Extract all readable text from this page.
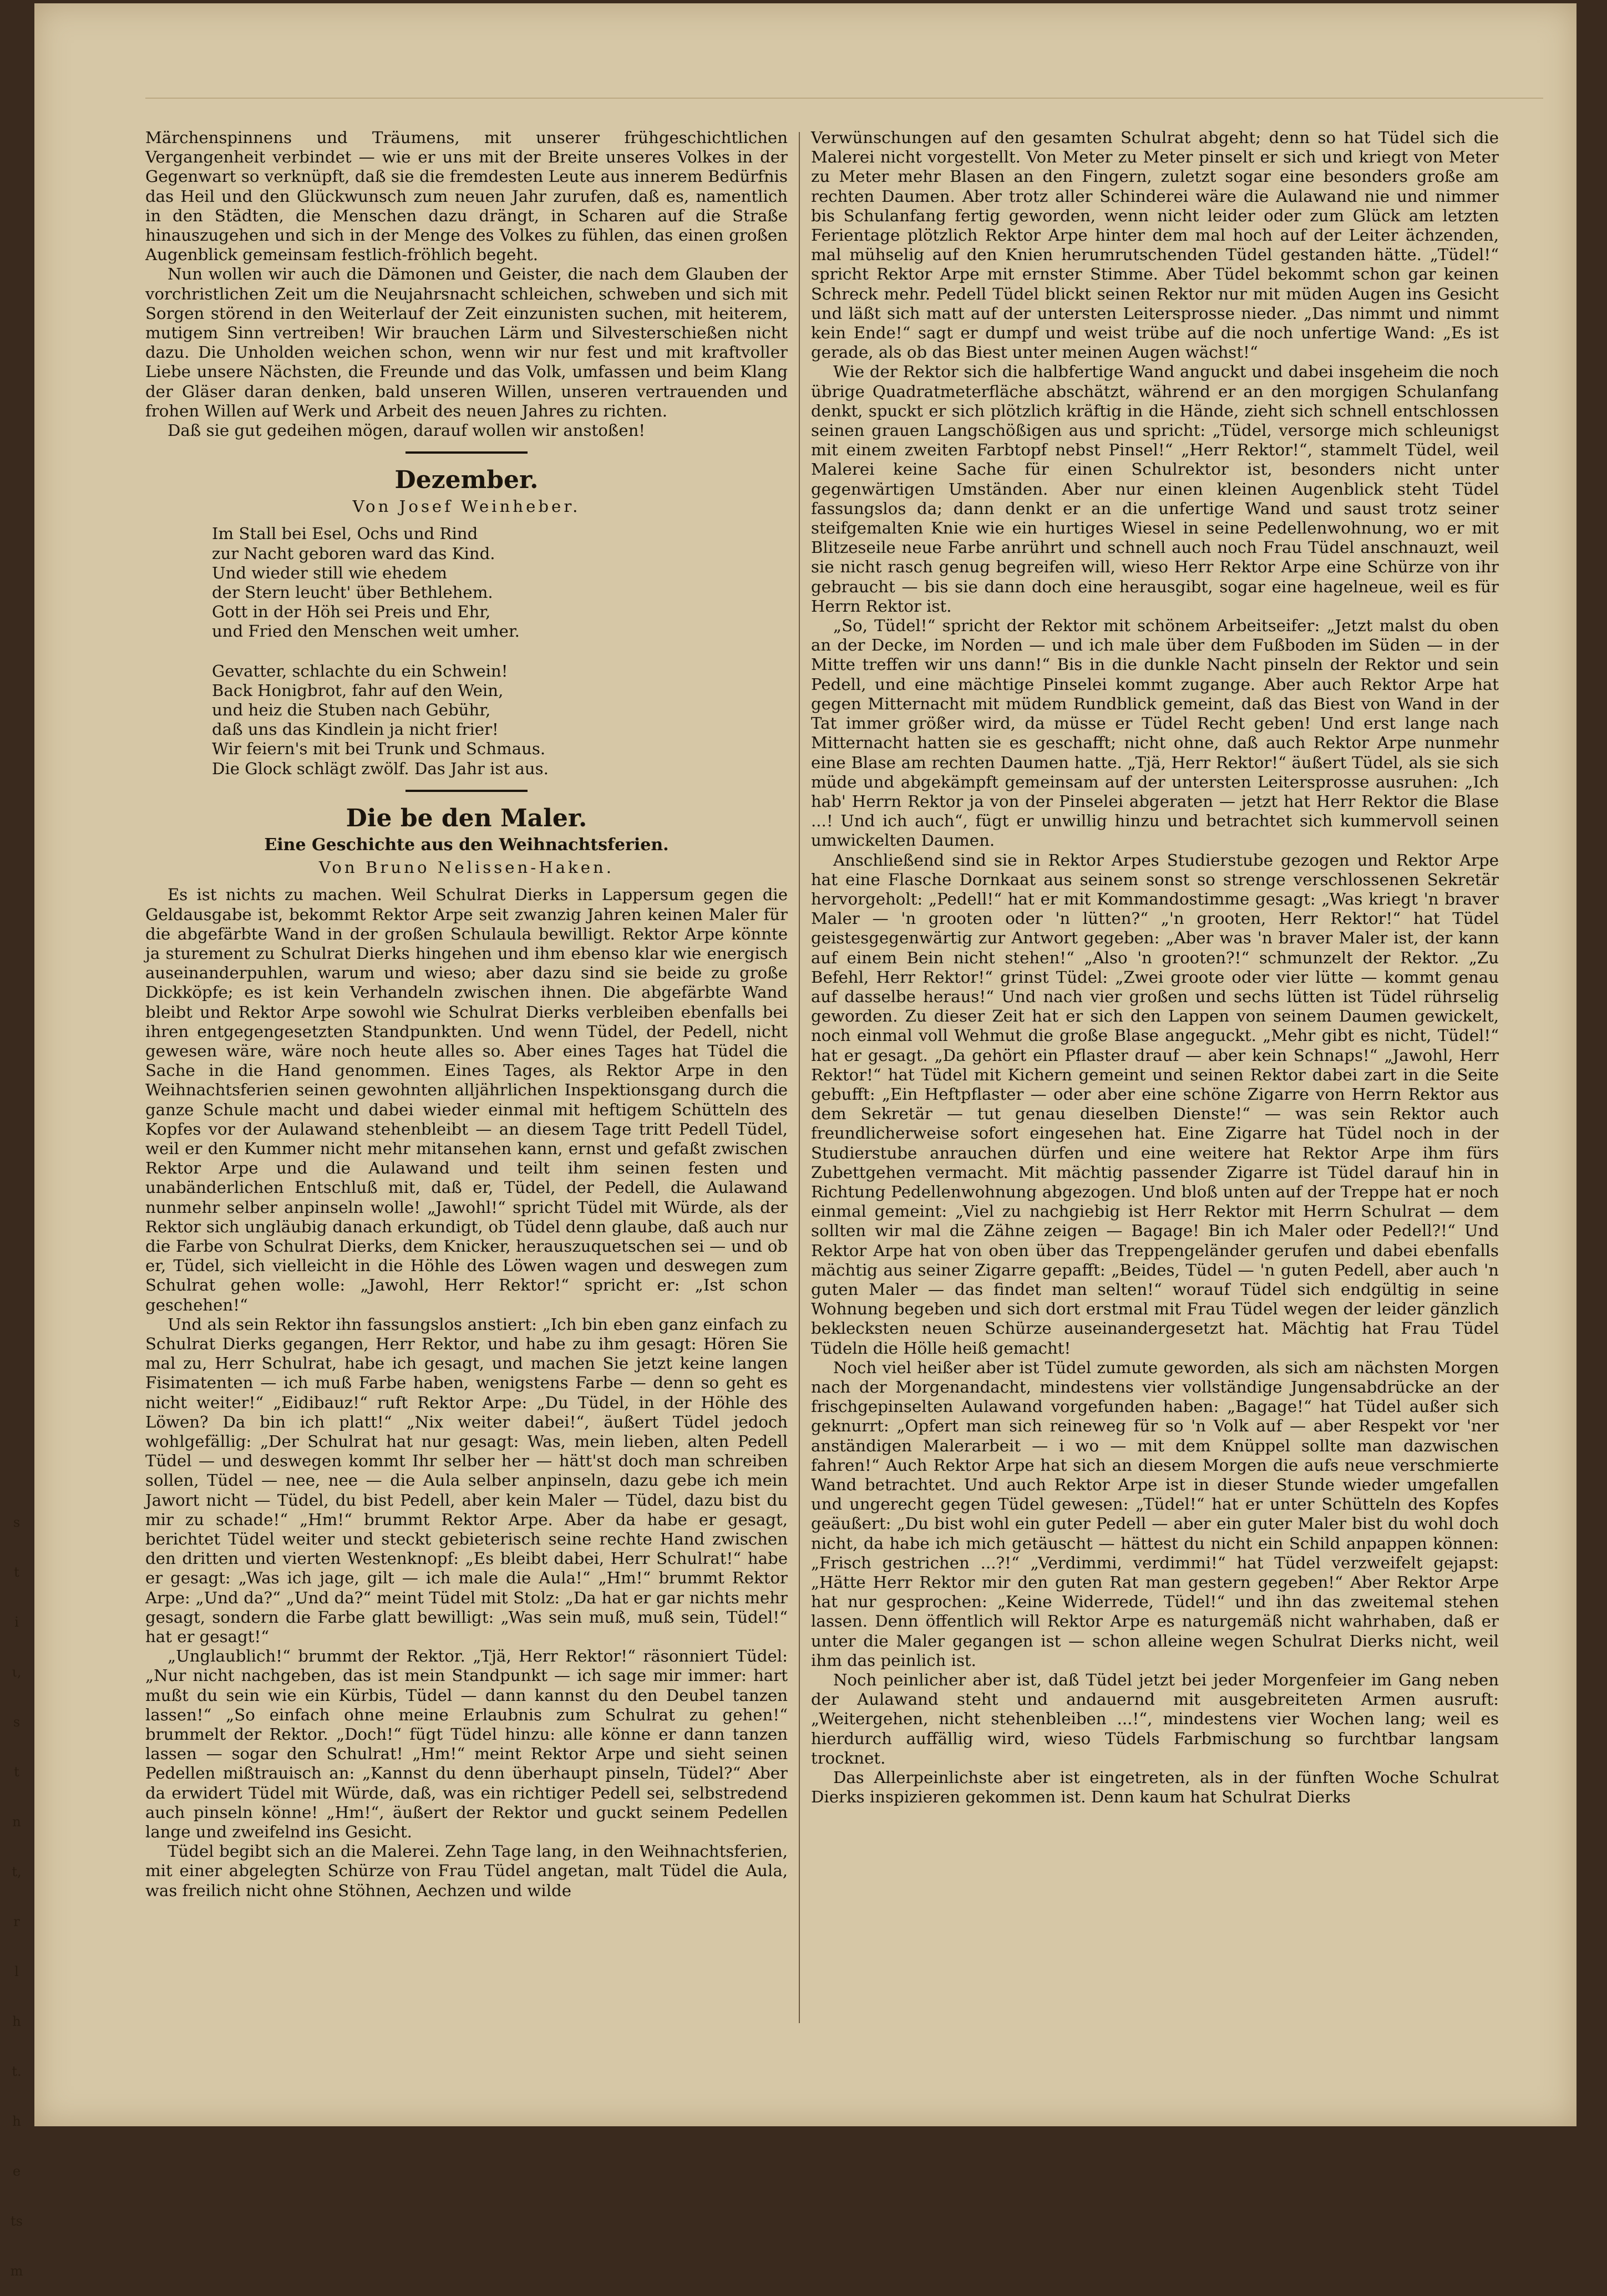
Märchenspinnens und Träumens, mit unserer frühgeschichtlichen Vergangenheit verbindet — wie er uns mit der Breite unseres Volkes in der Gegenwart so verknüpft, daß sie die fremdesten Leute aus innerem Bedürfnis das Heil und den Glückwunsch zum neuen Jahr zurufen, daß es, namentlich in den Städten, die Menschen dazu drängt, in Scharen auf die Straße hinauszugehen und sich in der Menge des Volkes zu fühlen, das einen großen Augenblick gemeinsam festlich-fröhlich begeht.

Nun wollen wir auch die Dämonen und Geister, die nach dem Glauben der vorchristlichen Zeit um die Neujahrsnacht schleichen, schweben und sich mit Sorgen störend in den Weiterlauf der Zeit einzunisten suchen, mit heiterem, mutigem Sinn vertreiben! Wir brauchen Lärm und Silvesterschießen nicht dazu. Die Unholden weichen schon, wenn wir nur fest und mit kraftvoller Liebe unsere Nächsten, die Freunde und das Volk, umfassen und beim Klang der Gläser daran denken, bald unseren Willen, unseren vertrauenden und frohen Willen auf Werk und Arbeit des neuen Jahres zu richten.

Daß sie gut gedeihen mögen, darauf wollen wir anstoßen!

Dezember.
Von Josef Weinheber.
Im Stall bei Esel, Ochs und Rind
zur Nacht geboren ward das Kind.
Und wieder still wie ehedem
der Stern leucht' über Bethlehem.
Gott in der Höh sei Preis und Ehr,
und Fried den Menschen weit umher.
Gevatter, schlachte du ein Schwein!
Back Honigbrot, fahr auf den Wein,
und heiz die Stuben nach Gebühr,
daß uns das Kindlein ja nicht frier!
Wir feiern's mit bei Trunk und Schmaus.
Die Glock schlägt zwölf. Das Jahr ist aus.
Die be den Maler.
Eine Geschichte aus den Weihnachtsferien.
Von Bruno Nelissen-Haken.

Es ist nichts zu machen. Weil Schulrat Dierks in Lappersum gegen die Geldausgabe ist, bekommt Rektor Arpe seit zwanzig Jahren keinen Maler für die abgefärbte Wand in der großen Schulaula bewilligt. Rektor Arpe könnte ja sturement zu Schulrat Dierks hingehen und ihm ebenso klar wie energisch auseinanderpuhlen, warum und wieso; aber dazu sind sie beide zu große Dickköpfe; es ist kein Verhandeln zwischen ihnen. Die abgefärbte Wand bleibt und Rektor Arpe sowohl wie Schulrat Dierks verbleiben ebenfalls bei ihren entgegengesetzten Standpunkten. Und wenn Tüdel, der Pedell, nicht gewesen wäre, wäre noch heute alles so. Aber eines Tages hat Tüdel die Sache in die Hand genommen. Eines Tages, als Rektor Arpe in den Weihnachtsferien seinen gewohnten alljährlichen Inspektionsgang durch die ganze Schule macht und dabei wieder einmal mit heftigem Schütteln des Kopfes vor der Aulawand stehenbleibt — an diesem Tage tritt Pedell Tüdel, weil er den Kummer nicht mehr mitansehen kann, ernst und gefaßt zwischen Rektor Arpe und die Aulawand und teilt ihm seinen festen und unabänderlichen Entschluß mit, daß er, Tüdel, der Pedell, die Aulawand nunmehr selber anpinseln wolle! „Jawohl!“ spricht Tüdel mit Würde, als der Rektor sich ungläubig danach erkundigt, ob Tüdel denn glaube, daß auch nur die Farbe von Schulrat Dierks, dem Knicker, herauszuquetschen sei — und ob er, Tüdel, sich vielleicht in die Höhle des Löwen wagen und deswegen zum Schulrat gehen wolle: „Jawohl, Herr Rektor!“ spricht er: „Ist schon geschehen!“

Und als sein Rektor ihn fassungslos anstiert: „Ich bin eben ganz einfach zu Schulrat Dierks gegangen, Herr Rektor, und habe zu ihm gesagt: Hören Sie mal zu, Herr Schulrat, habe ich gesagt, und machen Sie jetzt keine langen Fisimatenten — ich muß Farbe haben, wenigstens Farbe — denn so geht es nicht weiter!“ „Eidibauz!“ ruft Rektor Arpe: „Du Tüdel, in der Höhle des Löwen? Da bin ich platt!“ „Nix weiter dabei!“, äußert Tüdel jedoch wohlgefällig: „Der Schulrat hat nur gesagt: Was, mein lieben, alten Pedell Tüdel — und deswegen kommt Ihr selber her — hätt'st doch man schreiben sollen, Tüdel — nee, nee — die Aula selber anpinseln, dazu gebe ich mein Jawort nicht — Tüdel, du bist Pedell, aber kein Maler — Tüdel, dazu bist du mir zu schade!“ „Hm!“ brummt Rektor Arpe. Aber da habe er gesagt, berichtet Tüdel weiter und steckt gebieterisch seine rechte Hand zwischen den dritten und vierten Westenknopf: „Es bleibt dabei, Herr Schulrat!“ habe er gesagt: „Was ich jage, gilt — ich male die Aula!“ „Hm!“ brummt Rektor Arpe: „Und da?“ „Und da?“ meint Tüdel mit Stolz: „Da hat er gar nichts mehr gesagt, sondern die Farbe glatt bewilligt: „Was sein muß, muß sein, Tüdel!“ hat er gesagt!“

„Unglaublich!“ brummt der Rektor. „Tjä, Herr Rektor!“ räsonniert Tüdel: „Nur nicht nachgeben, das ist mein Standpunkt — ich sage mir immer: hart mußt du sein wie ein Kürbis, Tüdel — dann kannst du den Deubel tanzen lassen!“ „So einfach ohne meine Erlaubnis zum Schulrat zu gehen!“ brummelt der Rektor. „Doch!“ fügt Tüdel hinzu: alle könne er dann tanzen lassen — sogar den Schulrat! „Hm!“ meint Rektor Arpe und sieht seinen Pedellen mißtrauisch an: „Kannst du denn überhaupt pinseln, Tüdel?“ Aber da erwidert Tüdel mit Würde, daß, was ein richtiger Pedell sei, selbstredend auch pinseln könne! „Hm!“, äußert der Rektor und guckt seinem Pedellen lange und zweifelnd ins Gesicht.

Tüdel begibt sich an die Malerei. Zehn Tage lang, in den Weihnachtsferien, mit einer abgelegten Schürze von Frau Tüdel angetan, malt Tüdel die Aula, was freilich nicht ohne Stöhnen, Aechzen und wilde

Verwünschungen auf den gesamten Schulrat abgeht; denn so hat Tüdel sich die Malerei nicht vorgestellt. Von Meter zu Meter pinselt er sich und kriegt von Meter zu Meter mehr Blasen an den Fingern, zuletzt sogar eine besonders große am rechten Daumen. Aber trotz aller Schinderei wäre die Aulawand nie und nimmer bis Schulanfang fertig geworden, wenn nicht leider oder zum Glück am letzten Ferientage plötzlich Rektor Arpe hinter dem mal hoch auf der Leiter ächzenden, mal mühselig auf den Knien herumrutschenden Tüdel gestanden hätte. „Tüdel!“ spricht Rektor Arpe mit ernster Stimme. Aber Tüdel bekommt schon gar keinen Schreck mehr. Pedell Tüdel blickt seinen Rektor nur mit müden Augen ins Gesicht und läßt sich matt auf der untersten Leitersprosse nieder. „Das nimmt und nimmt kein Ende!“ sagt er dumpf und weist trübe auf die noch unfertige Wand: „Es ist gerade, als ob das Biest unter meinen Augen wächst!“

Wie der Rektor sich die halbfertige Wand anguckt und dabei insgeheim die noch übrige Quadratmeterfläche abschätzt, während er an den morgigen Schulanfang denkt, spuckt er sich plötzlich kräftig in die Hände, zieht sich schnell entschlossen seinen grauen Langschößigen aus und spricht: „Tüdel, versorge mich schleunigst mit einem zweiten Farbtopf nebst Pinsel!“ „Herr Rektor!“, stammelt Tüdel, weil Malerei keine Sache für einen Schulrektor ist, besonders nicht unter gegenwärtigen Umständen. Aber nur einen kleinen Augenblick steht Tüdel fassungslos da; dann denkt er an die unfertige Wand und saust trotz seiner steifgemalten Knie wie ein hurtiges Wiesel in seine Pedellenwohnung, wo er mit Blitzeseile neue Farbe anrührt und schnell auch noch Frau Tüdel anschnauzt, weil sie nicht rasch genug begreifen will, wieso Herr Rektor Arpe eine Schürze von ihr gebraucht — bis sie dann doch eine herausgibt, sogar eine hagelneue, weil es für Herrn Rektor ist.

„So, Tüdel!“ spricht der Rektor mit schönem Arbeitseifer: „Jetzt malst du oben an der Decke, im Norden — und ich male über dem Fußboden im Süden — in der Mitte treffen wir uns dann!“ Bis in die dunkle Nacht pinseln der Rektor und sein Pedell, und eine mächtige Pinselei kommt zugange. Aber auch Rektor Arpe hat gegen Mitternacht mit müdem Rundblick gemeint, daß das Biest von Wand in der Tat immer größer wird, da müsse er Tüdel Recht geben! Und erst lange nach Mitternacht hatten sie es geschafft; nicht ohne, daß auch Rektor Arpe nunmehr eine Blase am rechten Daumen hatte. „Tjä, Herr Rektor!“ äußert Tüdel, als sie sich müde und abgekämpft gemeinsam auf der untersten Leitersprosse ausruhen: „Ich hab' Herrn Rektor ja von der Pinselei abgeraten — jetzt hat Herr Rektor die Blase ...! Und ich auch“, fügt er unwillig hinzu und betrachtet sich kummervoll seinen umwickelten Daumen.

Anschließend sind sie in Rektor Arpes Studierstube gezogen und Rektor Arpe hat eine Flasche Dornkaat aus seinem sonst so strenge verschlossenen Sekretär hervorgeholt: „Pedell!“ hat er mit Kommandostimme gesagt: „Was kriegt 'n braver Maler — 'n grooten oder 'n lütten?“ „'n grooten, Herr Rektor!“ hat Tüdel geistesgegenwärtig zur Antwort gegeben: „Aber was 'n braver Maler ist, der kann auf einem Bein nicht stehen!“ „Also 'n grooten?!“ schmunzelt der Rektor. „Zu Befehl, Herr Rektor!“ grinst Tüdel: „Zwei groote oder vier lütte — kommt genau auf dasselbe heraus!“ Und nach vier großen und sechs lütten ist Tüdel rührselig geworden. Zu dieser Zeit hat er sich den Lappen von seinem Daumen gewickelt, noch einmal voll Wehmut die große Blase angeguckt. „Mehr gibt es nicht, Tüdel!“ hat er gesagt. „Da gehört ein Pflaster drauf — aber kein Schnaps!“ „Jawohl, Herr Rektor!“ hat Tüdel mit Kichern gemeint und seinen Rektor dabei zart in die Seite gebufft: „Ein Heftpflaster — oder aber eine schöne Zigarre von Herrn Rektor aus dem Sekretär — tut genau dieselben Dienste!“ — was sein Rektor auch freundlicherweise sofort eingesehen hat. Eine Zigarre hat Tüdel noch in der Studierstube anrauchen dürfen und eine weitere hat Rektor Arpe ihm fürs Zubettgehen vermacht. Mit mächtig passender Zigarre ist Tüdel darauf hin in Richtung Pedellenwohnung abgezogen. Und bloß unten auf der Treppe hat er noch einmal gemeint: „Viel zu nachgiebig ist Herr Rektor mit Herrn Schulrat — dem sollten wir mal die Zähne zeigen — Bagage! Bin ich Maler oder Pedell?!“ Und Rektor Arpe hat von oben über das Treppengeländer gerufen und dabei ebenfalls mächtig aus seiner Zigarre gepafft: „Beides, Tüdel — 'n guten Pedell, aber auch 'n guten Maler — das findet man selten!“ worauf Tüdel sich endgültig in seine Wohnung begeben und sich dort erstmal mit Frau Tüdel wegen der leider gänzlich beklecksten neuen Schürze auseinandergesetzt hat. Mächtig hat Frau Tüdel Tüdeln die Hölle heiß gemacht!

Noch viel heißer aber ist Tüdel zumute geworden, als sich am nächsten Morgen nach der Morgenandacht, mindestens vier vollständige Jungensabdrücke an der frischgepinselten Aulawand vorgefunden haben: „Bagage!“ hat Tüdel außer sich geknurrt: „Opfert man sich reineweg für so 'n Volk auf — aber Respekt vor 'ner anständigen Malerarbeit — i wo — mit dem Knüppel sollte man dazwischen fahren!“ Auch Rektor Arpe hat sich an diesem Morgen die aufs neue verschmierte Wand betrachtet. Und auch Rektor Arpe ist in dieser Stunde wieder umgefallen und ungerecht gegen Tüdel gewesen: „Tüdel!“ hat er unter Schütteln des Kopfes geäußert: „Du bist wohl ein guter Pedell — aber ein guter Maler bist du wohl doch nicht, da habe ich mich getäuscht — hättest du nicht ein Schild anpappen können: „Frisch gestrichen ...?!“ „Verdimmi, verdimmi!“ hat Tüdel verzweifelt gejapst: „Hätte Herr Rektor mir den guten Rat man gestern gegeben!“ Aber Rektor Arpe hat nur gesprochen: „Keine Widerrede, Tüdel!“ und ihn das zweitemal stehen lassen. Denn öffentlich will Rektor Arpe es naturgemäß nicht wahrhaben, daß er unter die Maler gegangen ist — schon alleine wegen Schulrat Dierks nicht, weil ihm das peinlich ist.

Noch peinlicher aber ist, daß Tüdel jetzt bei jeder Morgenfeier im Gang neben der Aulawand steht und andauernd mit ausgebreiteten Armen ausruft: „Weitergehen, nicht stehenbleiben ...!“, mindestens vier Wochen lang; weil es hierdurch auffällig wird, wieso Tüdels Farbmischung so furchtbar langsam trocknet.

Das Allerpeinlichste aber ist eingetreten, als in der fünften Woche Schulrat Dierks inspizieren gekommen ist. Denn kaum hat Schulrat Dierks

s
t
i
ι,
s
t
n
t,
r
l
h
t.
h
e
ts
m
